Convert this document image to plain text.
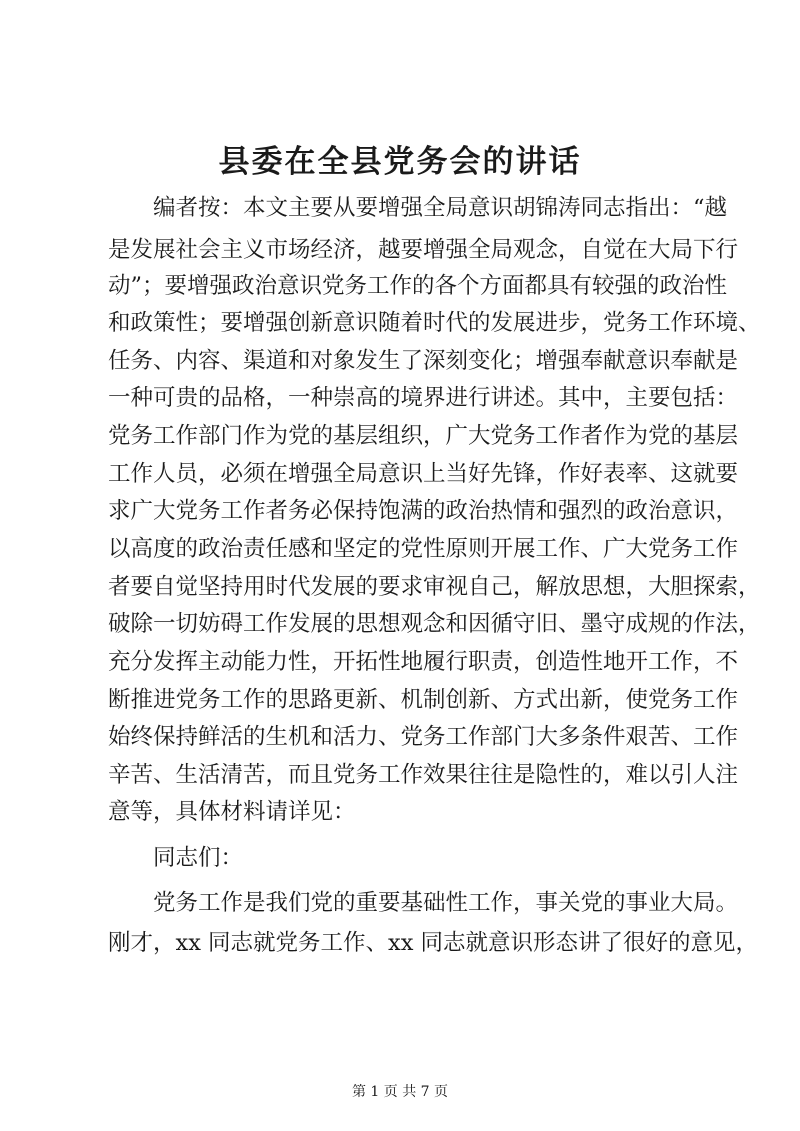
县委在全县党务会的讲话
　　编者按：本文主要从要增强全局意识胡锦涛同志指出：“越
是发展社会主义市场经济，越要增强全局观念，自觉在大局下行
动”；要增强政治意识党务工作的各个方面都具有较强的政治性
和政策性；要增强创新意识随着时代的发展进步，党务工作环境、
任务、内容、渠道和对象发生了深刻变化；增强奉献意识奉献是
一种可贵的品格，一种崇高的境界进行讲述。其中，主要包括：
党务工作部门作为党的基层组织，广大党务工作者作为党的基层
工作人员，必须在增强全局意识上当好先锋，作好表率、这就要
求广大党务工作者务必保持饱满的政治热情和强烈的政治意识，
以高度的政治责任感和坚定的党性原则开展工作、广大党务工作
者要自觉坚持用时代发展的要求审视自己，解放思想，大胆探索，
破除一切妨碍工作发展的思想观念和因循守旧、墨守成规的作法，
充分发挥主动能力性，开拓性地履行职责，创造性地开工作，不
断推进党务工作的思路更新、机制创新、方式出新，使党务工作
始终保持鲜活的生机和活力、党务工作部门大多条件艰苦、工作
辛苦、生活清苦，而且党务工作效果往往是隐性的，难以引人注
意等，具体材料请详见：
　　同志们：
　　党务工作是我们党的重要基础性工作，事关党的事业大局。
刚才，xx 同志就党务工作、xx 同志就意识形态讲了很好的意见，
第 1 页 共 7 页
